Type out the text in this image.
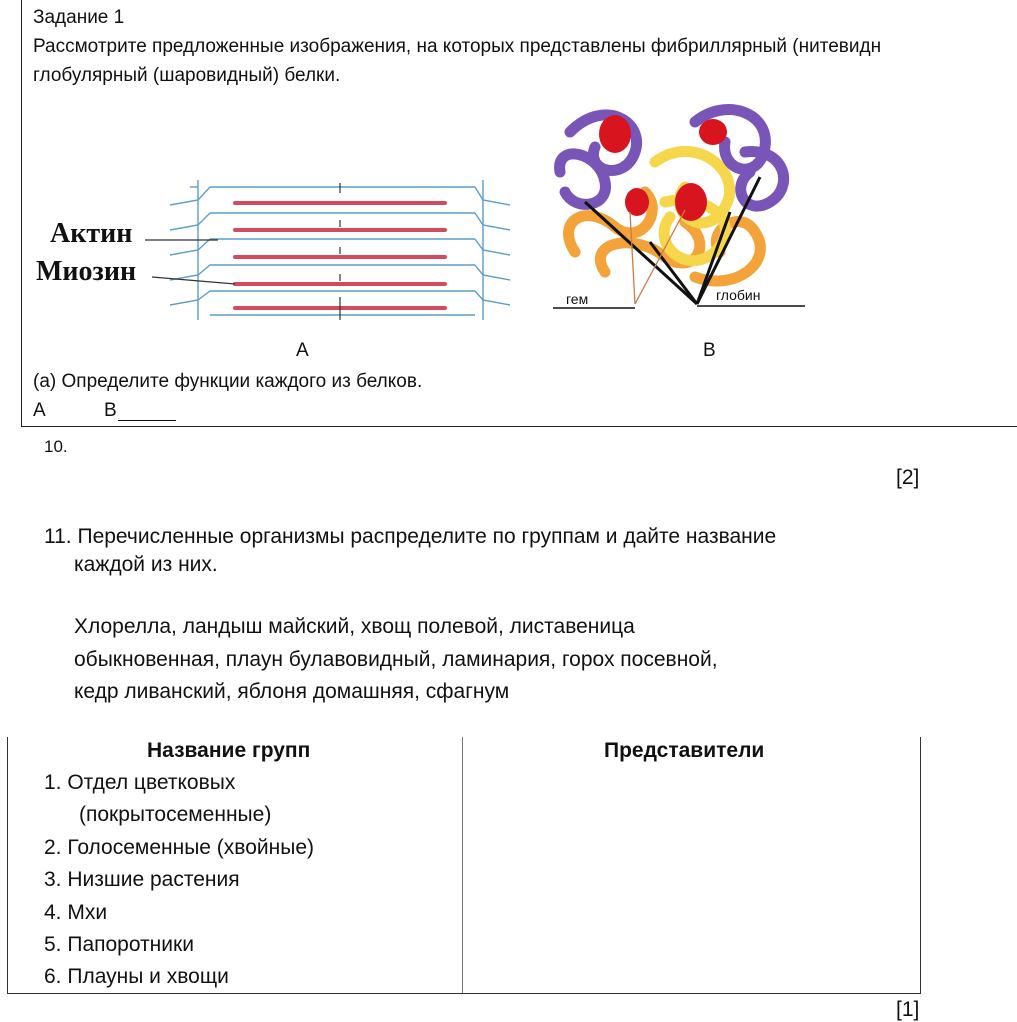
Задание 1
Рассмотрите предложенные изображения, на которых представлены фибриллярный (нитевидн
глобулярный (шаровидный) белки.
Актин
Миозин
А
гем	глобин
В
(а) Определите функции каждого из белков.
А	В
10.
[2]
11. Перечисленные организмы распределите по группам и дайте название
каждой из них.
Хлорелла, ландыш майский, хвощ полевой, листавеница
обыкновенная, плаун булавовидный, ламинария, горох посевной,
кедр ливанский, яблоня домашняя, сфагнум
Название групп	Представители
1. Отдел цветковых
(покрытосеменные)
2. Голосеменные (хвойные)
3. Низшие растения
4. Мхи
5. Папоротники
6. Плауны и хвощи
[1]
